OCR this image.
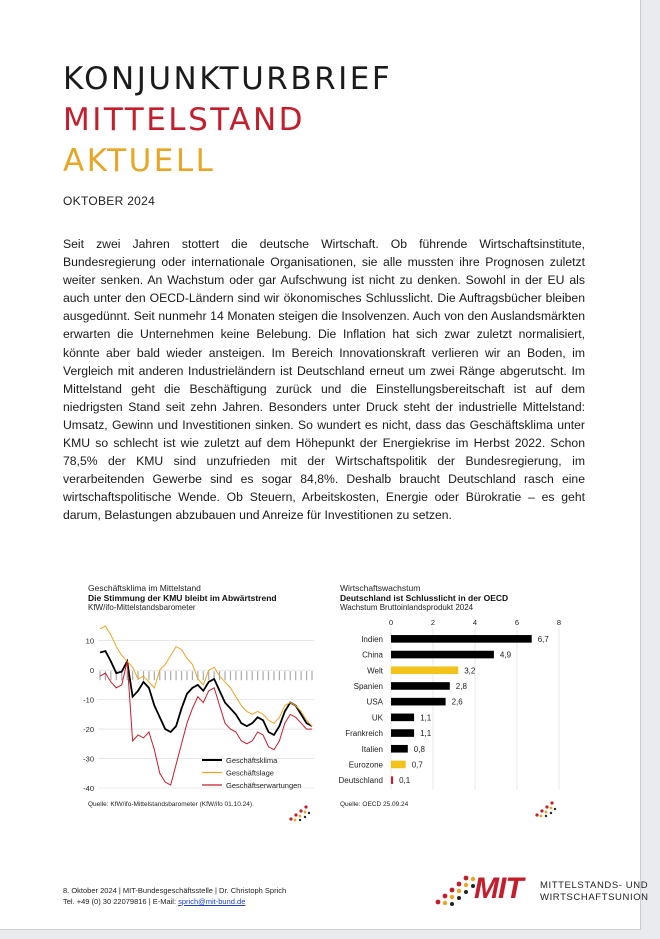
KONJUNKTURBRIEF
MITTELSTAND
AKTUELL
OKTOBER 2024
Seit zwei Jahren stottert die deutsche Wirtschaft. Ob führende Wirtschaftsinstitute, Bundesregierung oder internationale Organisationen, sie alle mussten ihre Prognosen zuletzt weiter senken. An Wachstum oder gar Aufschwung ist nicht zu denken. Sowohl in der EU als auch unter den OECD-Ländern sind wir ökonomisches Schlusslicht. Die Auftragsbücher bleiben ausgedünnt. Seit nunmehr 14 Monaten steigen die Insolvenzen. Auch von den Auslandsmärkten erwarten die Unternehmen keine Belebung. Die Inflation hat sich zwar zuletzt normalisiert, könnte aber bald wieder ansteigen. Im Bereich Innovationskraft verlieren wir an Boden, im Vergleich mit anderen Industrieländern ist Deutschland erneut um zwei Ränge abgerutscht. Im Mittelstand geht die Beschäftigung zurück und die Einstellungsbereitschaft ist auf dem niedrigsten Stand seit zehn Jahren. Besonders unter Druck steht der industrielle Mittelstand: Umsatz, Gewinn und Investitionen sinken. So wundert es nicht, dass das Geschäftsklima unter KMU so schlecht ist wie zuletzt auf dem Höhepunkt der Energiekrise im Herbst 2022. Schon 78,5% der KMU sind unzufrieden mit der Wirtschaftspolitik der Bundesregierung, im verarbeitenden Gewerbe sind es sogar 84,8%. Deshalb braucht Deutschland rasch eine wirtschaftspolitische Wende. Ob Steuern, Arbeitskosten, Energie oder Bürokratie – es geht darum, Belastungen abzubauen und Anreize für Investitionen zu setzen.
Geschäftsklima im Mittelstand
Die Stimmung der KMU bleibt im Abwärtstrend
KfW/ifo-Mittelstandsbarometer
10
0
-10
-20
-30
-40
Geschäftsklima
Geschäftslage
Geschäftserwartungen
Quelle: KfW/ifo-Mittelstandsbarometer (KfW/ifo 01.10.24)
Wirtschaftswachstum
Deutschland ist Schlusslicht in der OECD
Wachstum Bruttoinlandsprodukt 2024
0	2	4	6	8
Indien	6,7
China	4,9
Welt	3,2
Spanien	2,8
USA	2,6
UK	1,1
Frankreich	1,1
Italien	0,8
Eurozone	0,7
Deutschland 0,1
Quelle: OECD 25.09.24
8. Oktober 2024 | MIT-Bundesgeschäftsstelle | Dr. Christoph Sprich
Tel. +49 (0) 30 22079816 | E-Mail: sprich@mit-bund.de	MIT MITTELSTANDS- UND
WIRTSCHAFTSUNION
